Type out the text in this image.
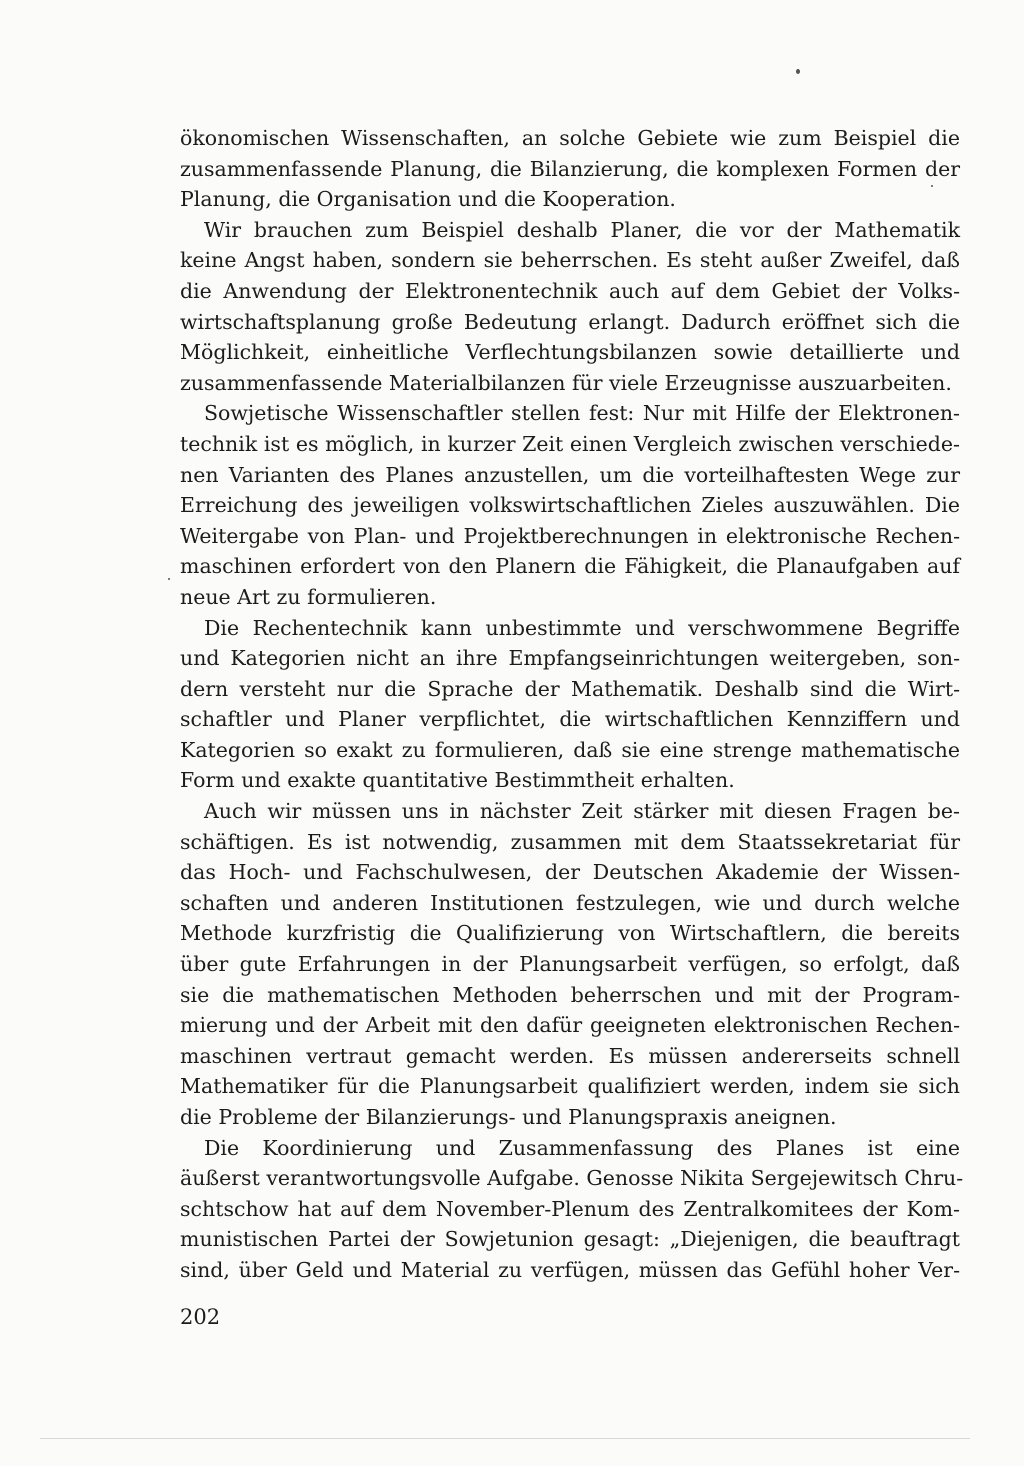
ökonomischen Wissenschaften, an solche Gebiete wie zum Beispiel die
zusammenfassende Planung, die Bilanzierung, die komplexen Formen der
Planung, die Organisation und die Kooperation.
Wir brauchen zum Beispiel deshalb Planer, die vor der Mathematik
keine Angst haben, sondern sie beherrschen. Es steht außer Zweifel, daß
die Anwendung der Elektronentechnik auch auf dem Gebiet der Volks-
wirtschaftsplanung große Bedeutung erlangt. Dadurch eröffnet sich die
Möglichkeit, einheitliche Verflechtungsbilanzen sowie detaillierte und
zusammenfassende Materialbilanzen für viele Erzeugnisse auszuarbeiten.
Sowjetische Wissenschaftler stellen fest: Nur mit Hilfe der Elektronen-
technik ist es möglich, in kurzer Zeit einen Vergleich zwischen verschiede-
nen Varianten des Planes anzustellen, um die vorteilhaftesten Wege zur
Erreichung des jeweiligen volkswirtschaftlichen Zieles auszuwählen. Die
Weitergabe von Plan- und Projektberechnungen in elektronische Rechen-
maschinen erfordert von den Planern die Fähigkeit, die Planaufgaben auf
neue Art zu formulieren.
Die Rechentechnik kann unbestimmte und verschwommene Begriffe
und Kategorien nicht an ihre Empfangseinrichtungen weitergeben, son-
dern versteht nur die Sprache der Mathematik. Deshalb sind die Wirt-
schaftler und Planer verpflichtet, die wirtschaftlichen Kennziffern und
Kategorien so exakt zu formulieren, daß sie eine strenge mathematische
Form und exakte quantitative Bestimmtheit erhalten.
Auch wir müssen uns in nächster Zeit stärker mit diesen Fragen be-
schäftigen. Es ist notwendig, zusammen mit dem Staatssekretariat für
das Hoch- und Fachschulwesen, der Deutschen Akademie der Wissen-
schaften und anderen Institutionen festzulegen, wie und durch welche
Methode kurzfristig die Qualifizierung von Wirtschaftlern, die bereits
über gute Erfahrungen in der Planungsarbeit verfügen, so erfolgt, daß
sie die mathematischen Methoden beherrschen und mit der Program-
mierung und der Arbeit mit den dafür geeigneten elektronischen Rechen-
maschinen vertraut gemacht werden. Es müssen andererseits schnell
Mathematiker für die Planungsarbeit qualifiziert werden, indem sie sich
die Probleme der Bilanzierungs- und Planungspraxis aneignen.
Die Koordinierung und Zusammenfassung des Planes ist eine
äußerst verantwortungsvolle Aufgabe. Genosse Nikita Sergejewitsch Chru-
schtschow hat auf dem November-Plenum des Zentralkomitees der Kom-
munistischen Partei der Sowjetunion gesagt: „Diejenigen, die beauftragt
sind, über Geld und Material zu verfügen, müssen das Gefühl hoher Ver-
202
